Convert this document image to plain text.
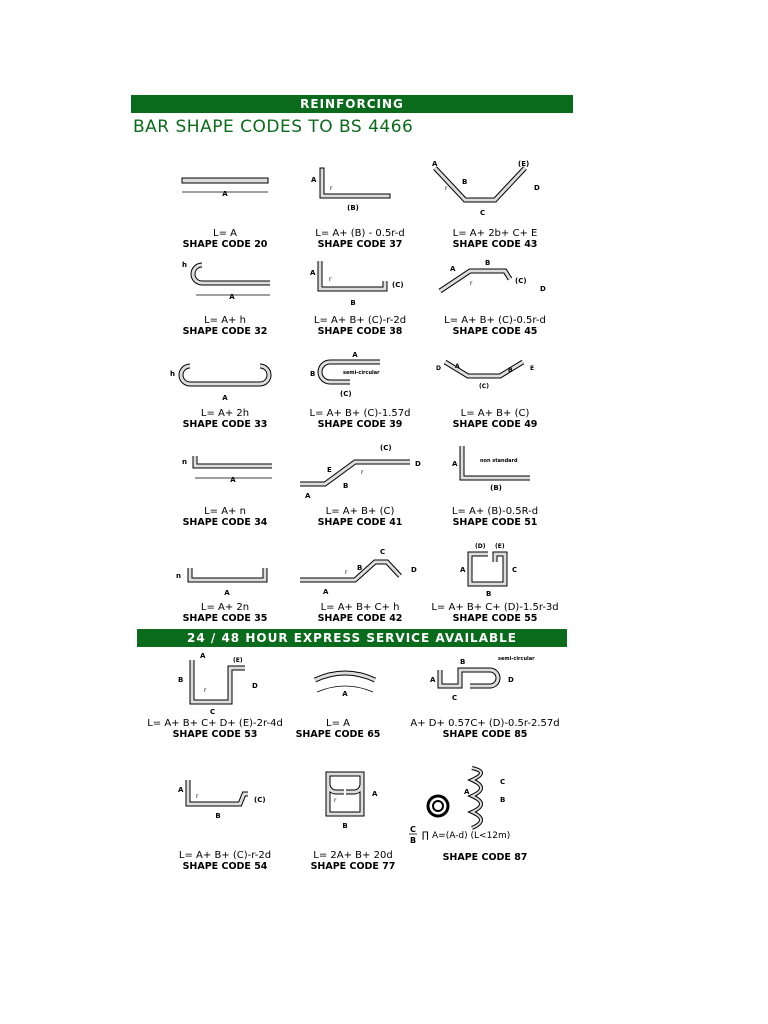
REINFORCING
BAR SHAPE CODES TO BS 4466
A
L= A
SHAPE CODE 20
A
(B)
r
L= A+ (B) - 0.5r-d
SHAPE CODE 37
A	(E)
B
C
D
r
L= A+ 2b+ C+ E
SHAPE CODE 43
A
h
L= A+ h
SHAPE CODE 32
A
B
(C)
r
L= A+ B+ (C)-r-2d
SHAPE CODE 38
A
B
(C)
D
r
L= A+ B+ (C)-0.5r-d
SHAPE CODE 45
A
h
L= A+ 2h
SHAPE CODE 33
A
B
(C)
semi-circular
L= A+ B+ (C)-1.57d
SHAPE CODE 39
A
B
(C)
D	E
L= A+ B+ (C)
SHAPE CODE 49
A
n
L= A+ n
SHAPE CODE 34
A
B
(C)
D
E	r
L= A+ B+ (C)
SHAPE CODE 41
A
(B)
non standard
L= A+ (B)-0.5R-d
SHAPE CODE 51
A
n
L= A+ 2n
SHAPE CODE 35
A
B
C
D
r
L= A+ B+ C+ h
SHAPE CODE 42
A
B
C
(D) (E)
L= A+ B+ C+ (D)-1.5r-3d
SHAPE CODE 55
24 / 48 HOUR EXPRESS SERVICE AVAILABLE
A
B
C
D
(E)
r
L= A+ B+ C+ D+ (E)-2r-4d
SHAPE CODE 53
A
L= A
SHAPE CODE 65
A
B
C
D
semi-circular
A+ D+ 0.57C+ (D)-0.5r-2.57d
SHAPE CODE 85
A
B
(C)
r
L= A+ B+ (C)-r-2d
SHAPE CODE 54
A
B
r
L= 2A+ B+ 20d
SHAPE CODE 77
A
B
C
C
B ∏ A=(A-d) (L<12m)
SHAPE CODE 87
